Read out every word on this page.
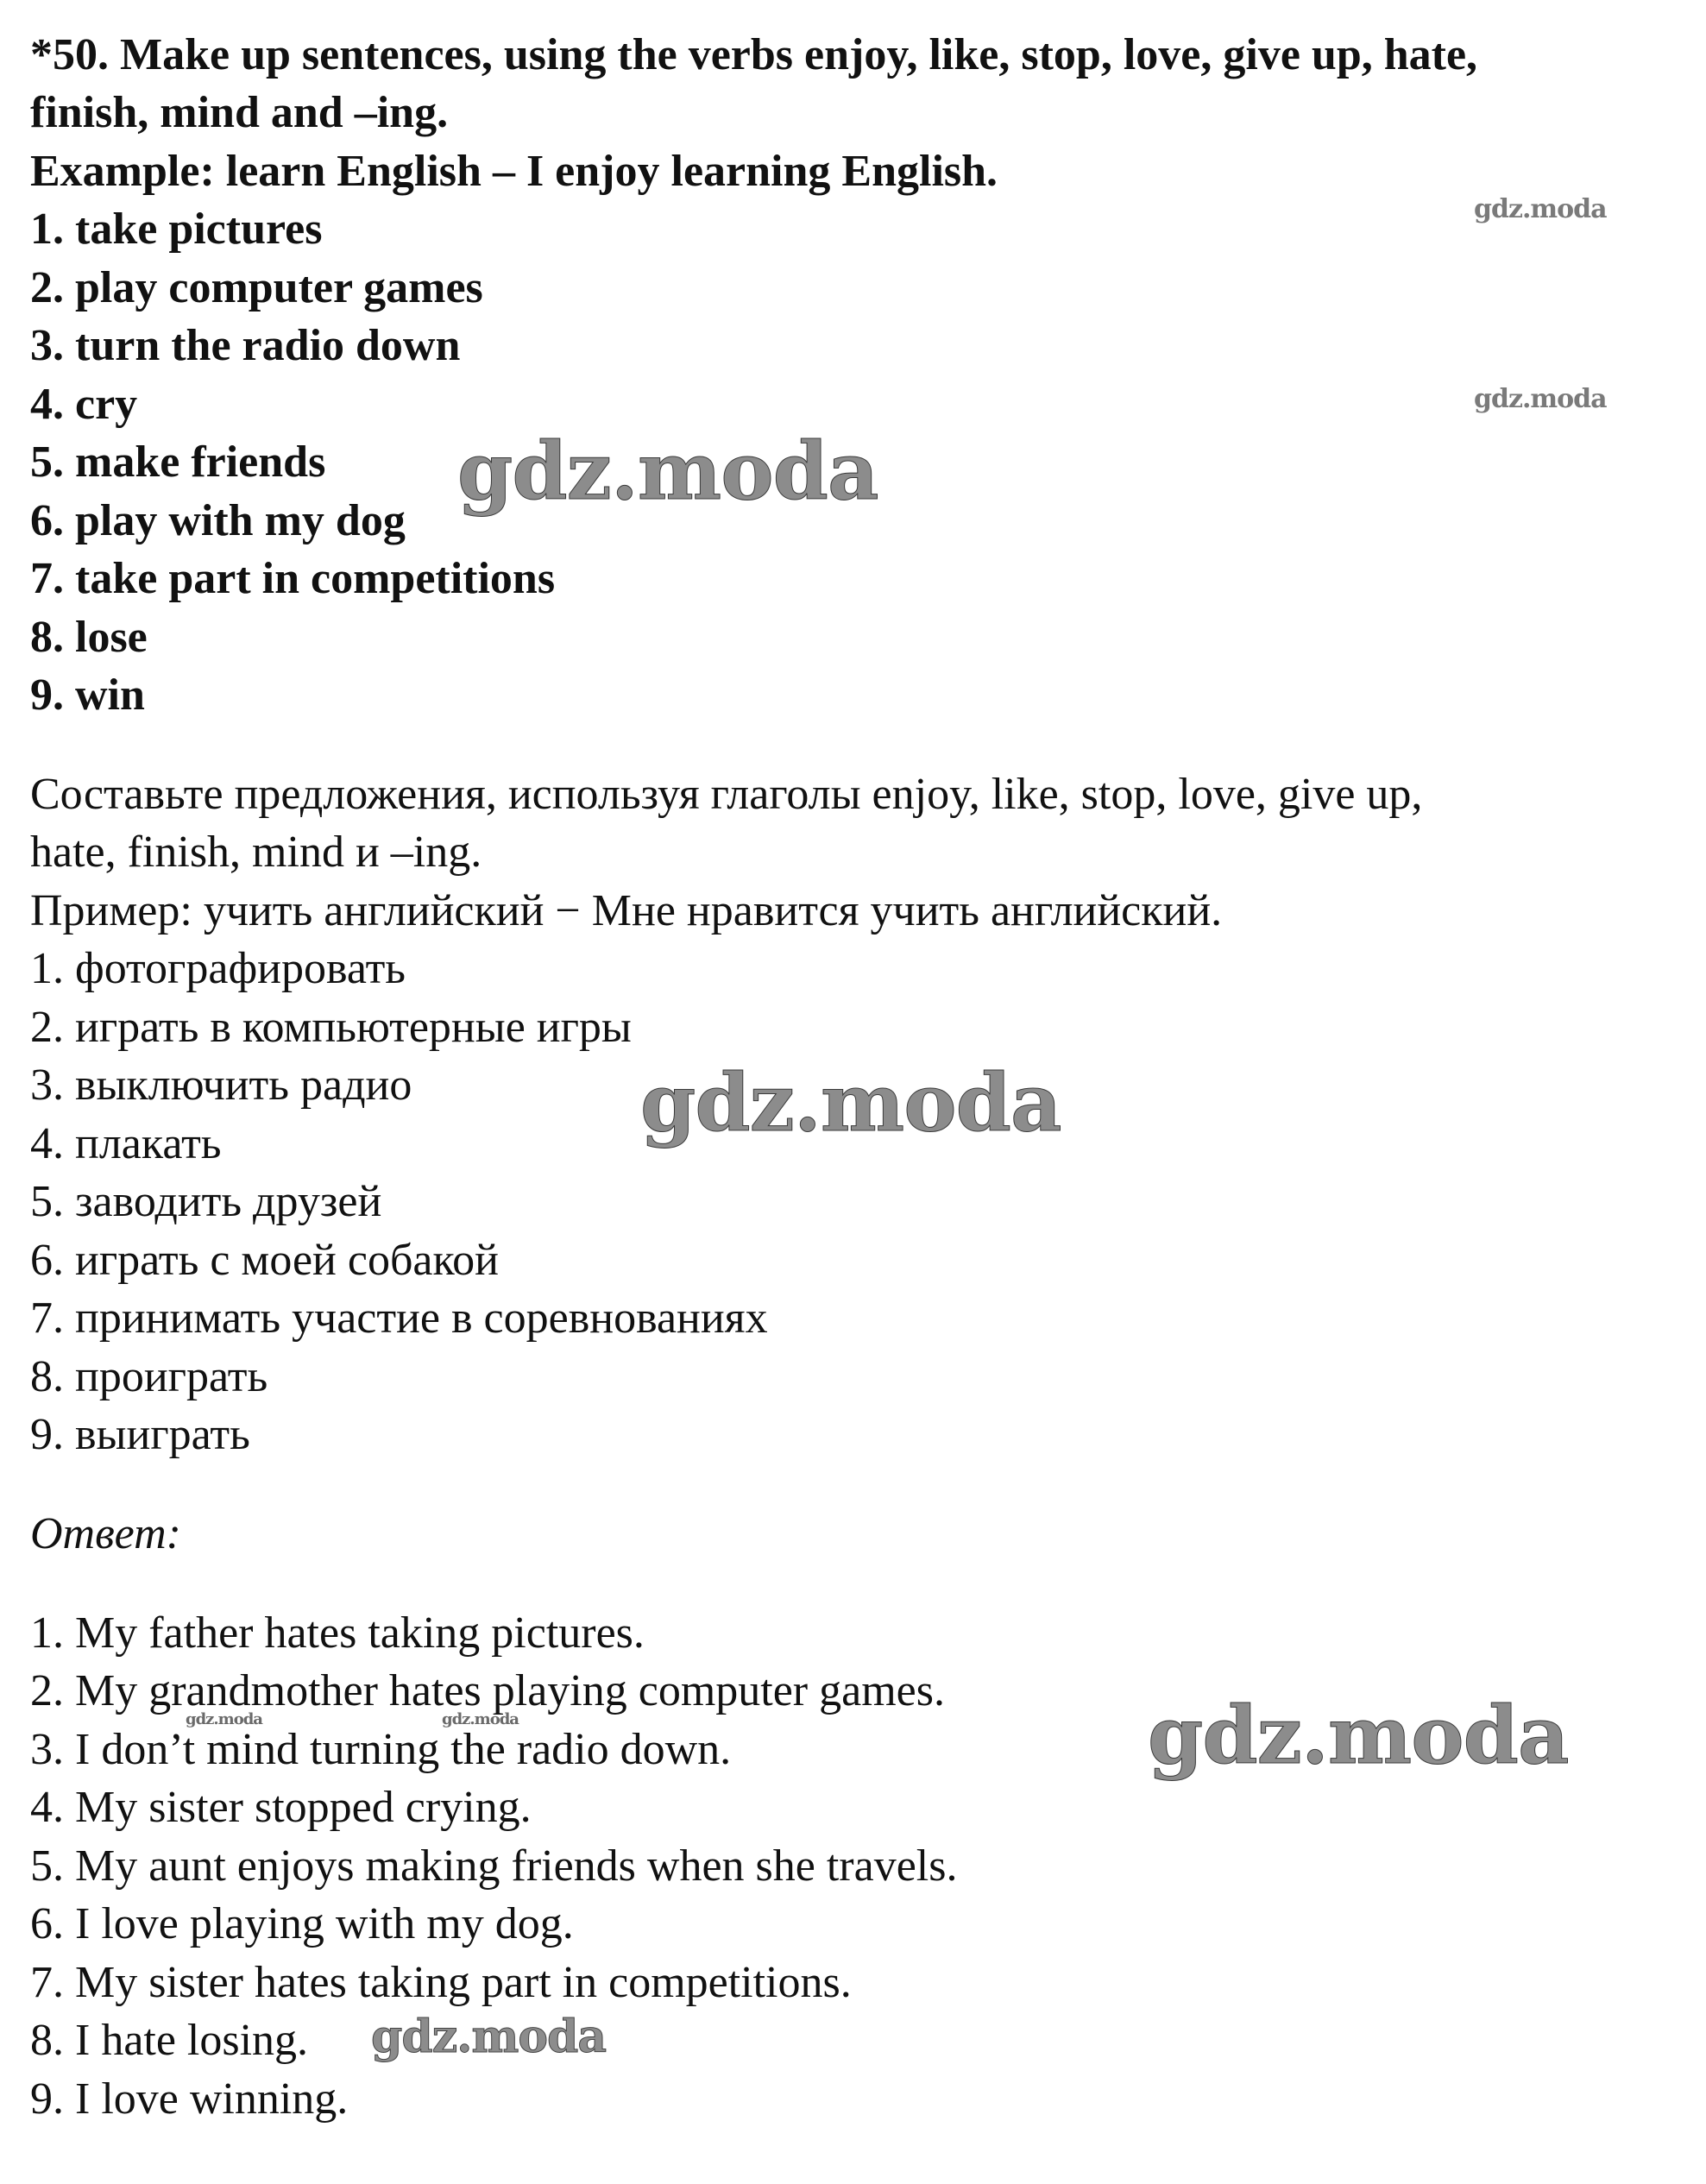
*50. Make up sentences, using the verbs enjoy, like, stop, love, give up, hate,
finish, mind and –ing.
Example: learn English – I enjoy learning English.
1. take pictures
2. play computer games
3. turn the radio down
4. cry
5. make friends
6. play with my dog
7. take part in competitions
8. lose
9. win
Составьте предложения, используя глаголы enjoy, like, stop, love, give up,
hate, finish, mind и –ing.
Пример: учить английский − Мне нравится учить английский.
1. фотографировать
2. играть в компьютерные игры
3. выключить радио
4. плакать
5. заводить друзей
6. играть с моей собакой
7. принимать участие в соревнованиях
8. проиграть
9. выиграть
Ответ:
1. My father hates taking pictures.
2. My grandmother hates playing computer games.
3. I don’t mind turning the radio down.
4. My sister stopped crying.
5. My aunt enjoys making friends when she travels.
6. I love playing with my dog.
7. My sister hates taking part in competitions.
8. I hate losing.
9. I love winning.
gdz.moda
gdz.moda
gdz.moda
gdz.moda
gdz.moda
gdz.moda	gdz.moda
gdz.moda
